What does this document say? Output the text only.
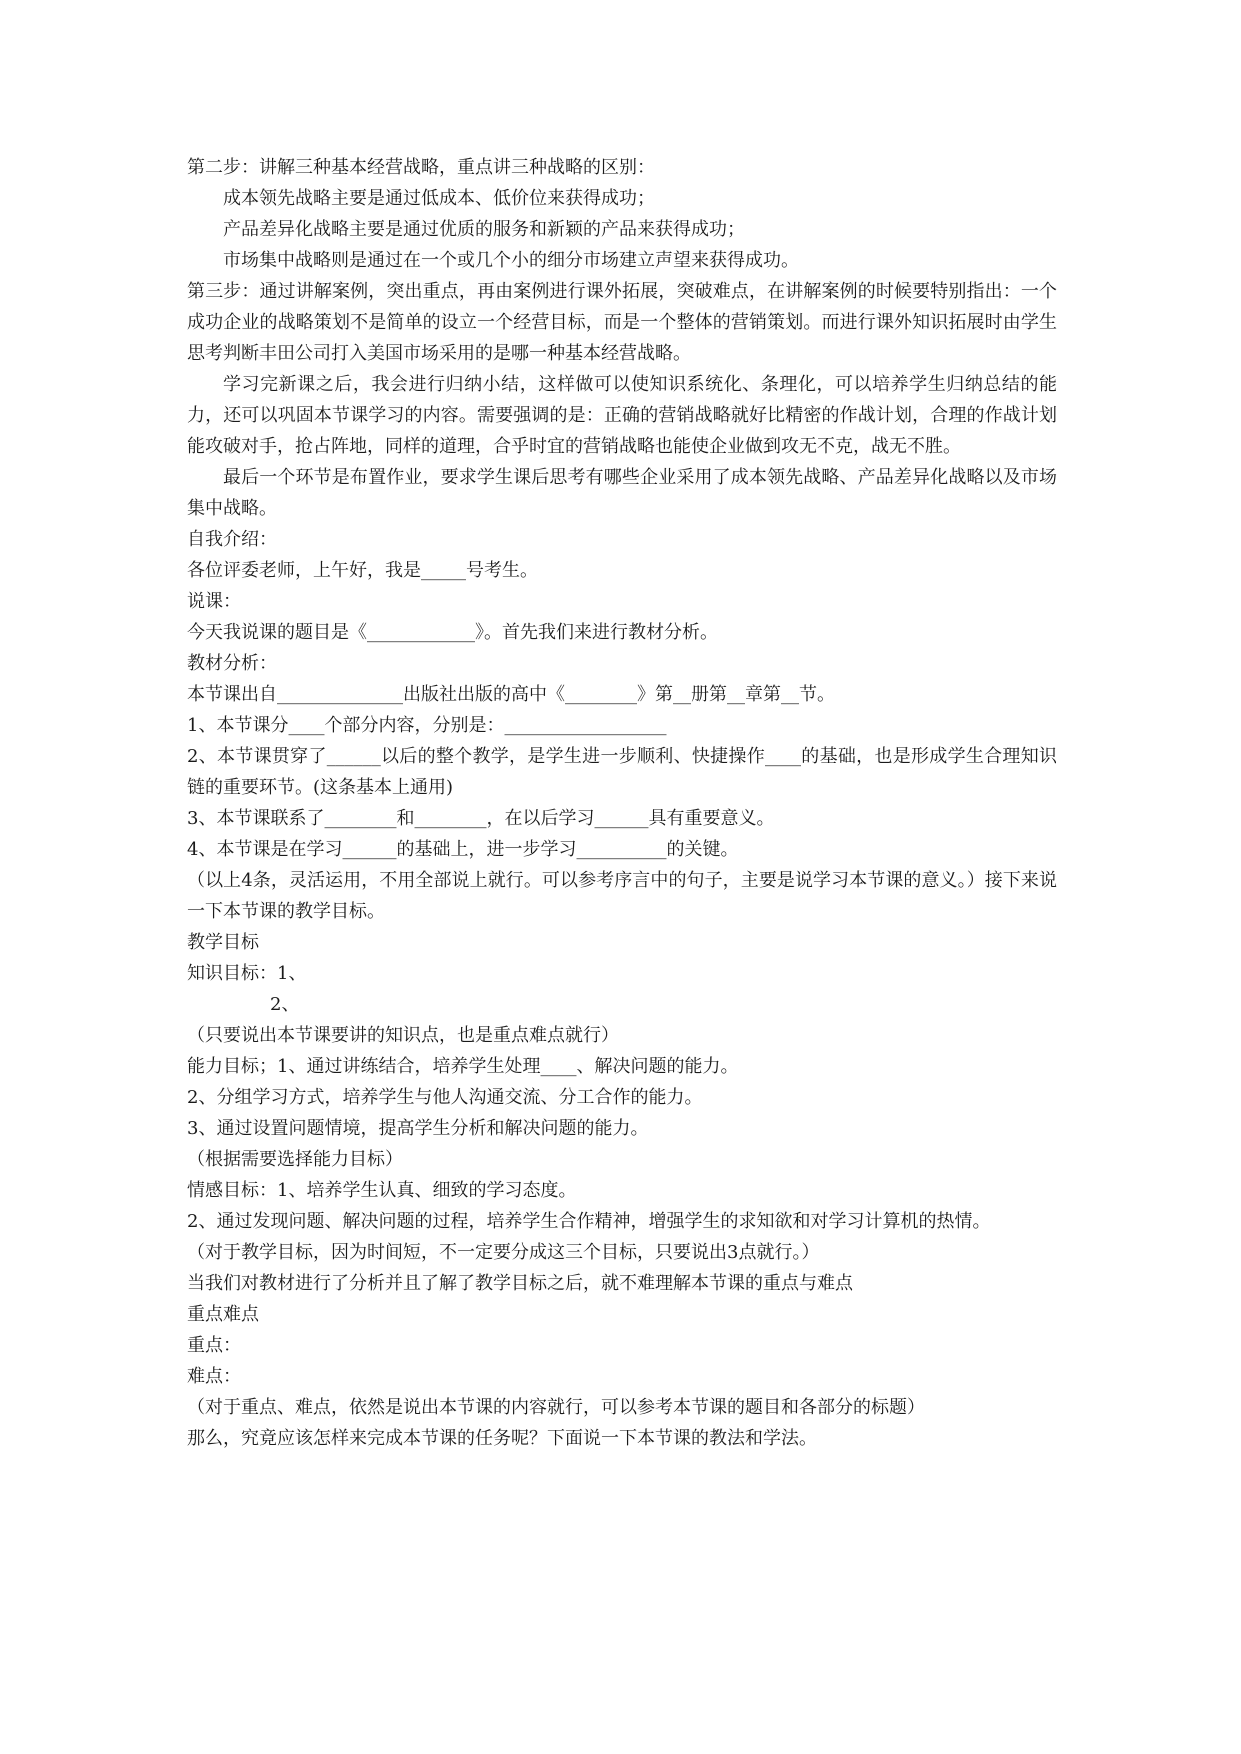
第二步：讲解三种基本经营战略，重点讲三种战略的区别：

成本领先战略主要是通过低成本、低价位来获得成功；

产品差异化战略主要是通过优质的服务和新颖的产品来获得成功；

市场集中战略则是通过在一个或几个小的细分市场建立声望来获得成功。

第三步：通过讲解案例，突出重点，再由案例进行课外拓展，突破难点，在讲解案例的时候要特别指出：一个成功企业的战略策划不是简单的设立一个经营目标，而是一个整体的营销策划。而进行课外知识拓展时由学生思考判断丰田公司打入美国市场采用的是哪一种基本经营战略。

学习完新课之后，我会进行归纳小结，这样做可以使知识系统化、条理化，可以培养学生归纳总结的能力，还可以巩固本节课学习的内容。需要强调的是：正确的营销战略就好比精密的作战计划，合理的作战计划能攻破对手，抢占阵地，同样的道理，合乎时宜的营销战略也能使企业做到攻无不克，战无不胜。

最后一个环节是布置作业，要求学生课后思考有哪些企业采用了成本领先战略、产品差异化战略以及市场集中战略。

自我介绍：

各位评委老师，上午好，我是_____号考生。

说课：

今天我说课的题目是《____________》。首先我们来进行教材分析。

教材分析：

本节课出自______________出版社出版的高中《________》第__册第__章第__节。

1、本节课分____个部分内容，分别是：__________________

2、本节课贯穿了______以后的整个教学，是学生进一步顺利、快捷操作____的基础，也是形成学生合理知识链的重要环节。(这条基本上通用)

3、本节课联系了________和________，在以后学习______具有重要意义。

4、本节课是在学习______的基础上，进一步学习__________的关键。

（以上4条，灵活运用，不用全部说上就行。可以参考序言中的句子，主要是说学习本节课的意义。）接下来说一下本节课的教学目标。

教学目标

知识目标：1、

2、

（只要说出本节课要讲的知识点，也是重点难点就行）

能力目标；1、通过讲练结合，培养学生处理____、解决问题的能力。

2、分组学习方式，培养学生与他人沟通交流、分工合作的能力。

3、通过设置问题情境，提高学生分析和解决问题的能力。

（根据需要选择能力目标）

情感目标：1、培养学生认真、细致的学习态度。

2、通过发现问题、解决问题的过程，培养学生合作精神，增强学生的求知欲和对学习计算机的热情。

（对于教学目标，因为时间短，不一定要分成这三个目标，只要说出3点就行。）

当我们对教材进行了分析并且了解了教学目标之后，就不难理解本节课的重点与难点

重点难点

重点：

难点：

（对于重点、难点，依然是说出本节课的内容就行，可以参考本节课的题目和各部分的标题）

那么，究竟应该怎样来完成本节课的任务呢？下面说一下本节课的教法和学法。
